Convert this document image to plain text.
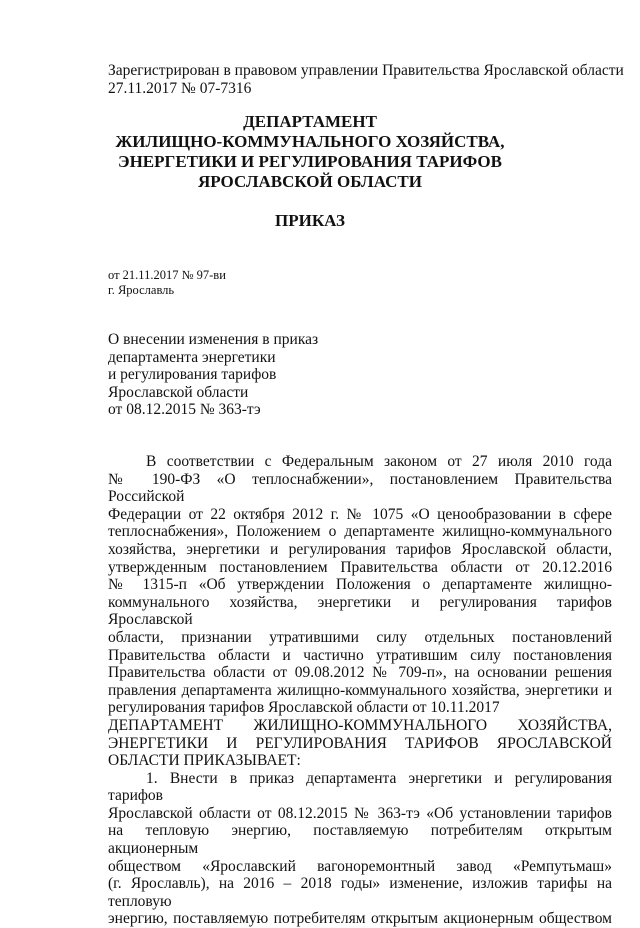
Зарегистрирован в правовом управлении Правительства Ярославской области
27.11.2017 № 07-7316
ДЕПАРТАМЕНТ
ЖИЛИЩНО-КОММУНАЛЬНОГО ХОЗЯЙСТВА,
ЭНЕРГЕТИКИ И РЕГУЛИРОВАНИЯ ТАРИФОВ
ЯРОСЛАВСКОЙ ОБЛАСТИ
ПРИКАЗ
от 21.11.2017 № 97-ви
г. Ярославль
О внесении изменения в приказ
департамента энергетики
и регулирования тарифов
Ярославской области
от 08.12.2015 № 363-тэ
В соответствии с Федеральным законом от 27 июля 2010 года
№ 190-ФЗ «О теплоснабжении», постановлением Правительства Российской
Федерации от 22 октября 2012 г. № 1075 «О ценообразовании в сфере
теплоснабжения», Положением о департаменте жилищно-коммунального
хозяйства, энергетики и регулирования тарифов Ярославской области,
утвержденным постановлением Правительства области от 20.12.2016
№ 1315-п «Об утверждении Положения о департаменте жилищно-
коммунального хозяйства, энергетики и регулирования тарифов Ярославской
области, признании утратившими силу отдельных постановлений
Правительства области и частично утратившим силу постановления
Правительства области от 09.08.2012 № 709-п», на основании решения
правления департамента жилищно-коммунального хозяйства, энергетики и
регулирования тарифов Ярославской области от 10.11.2017
ДЕПАРТАМЕНТ ЖИЛИЩНО-КОММУНАЛЬНОГО ХОЗЯЙСТВА,
ЭНЕРГЕТИКИ И РЕГУЛИРОВАНИЯ ТАРИФОВ ЯРОСЛАВСКОЙ
ОБЛАСТИ ПРИКАЗЫВАЕТ:
1. Внести в приказ департамента энергетики и регулирования тарифов
Ярославской области от 08.12.2015 № 363-тэ «Об установлении тарифов
на тепловую энергию, поставляемую потребителям открытым акционерным
обществом «Ярославский вагоноремонтный завод «Ремпутьмаш»
(г. Ярославль), на 2016 – 2018 годы» изменение, изложив тарифы на тепловую
энергию, поставляемую потребителям открытым акционерным обществом
